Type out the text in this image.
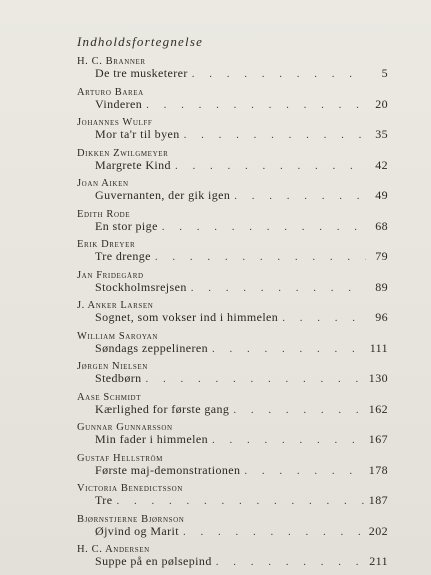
Indholdsfortegnelse
H. C. Branner
De tre musketerer . . .	5
Arturo Barea
Vinderen . . .	20
Johannes Wulff
Mor ta'r til byen . . .	35
Dikken Zwilgmeyer
Margrete Kind . . .	42
Joan Aiken
Guvernanten, der gik igen . . .	49
Edith Rode
En stor pige . . .	68
Erik Dreyer
Tre drenge . . .	79
Jan Fridegård
Stockholmsrejsen . . .	89
J. Anker Larsen
Sognet, som vokser ind i himmelen . . .	96
William Saroyan
Søndags zeppelineren . . .	111
Jørgen Nielsen
Stedbørn . . .	130
Aase Schmidt
Kærlighed for første gang . . .	162
Gunnar Gunnarsson
Min fader i himmelen . . .	167
Gustaf Hellström
Første maj-demonstrationen . . .	178
Victoria Benedictsson
Tre . . .	187
Bjørnstjerne Bjørnson
Øjvind og Marit . . .	202
H. C. Andersen
Suppe på en pølsepind . . .	211
